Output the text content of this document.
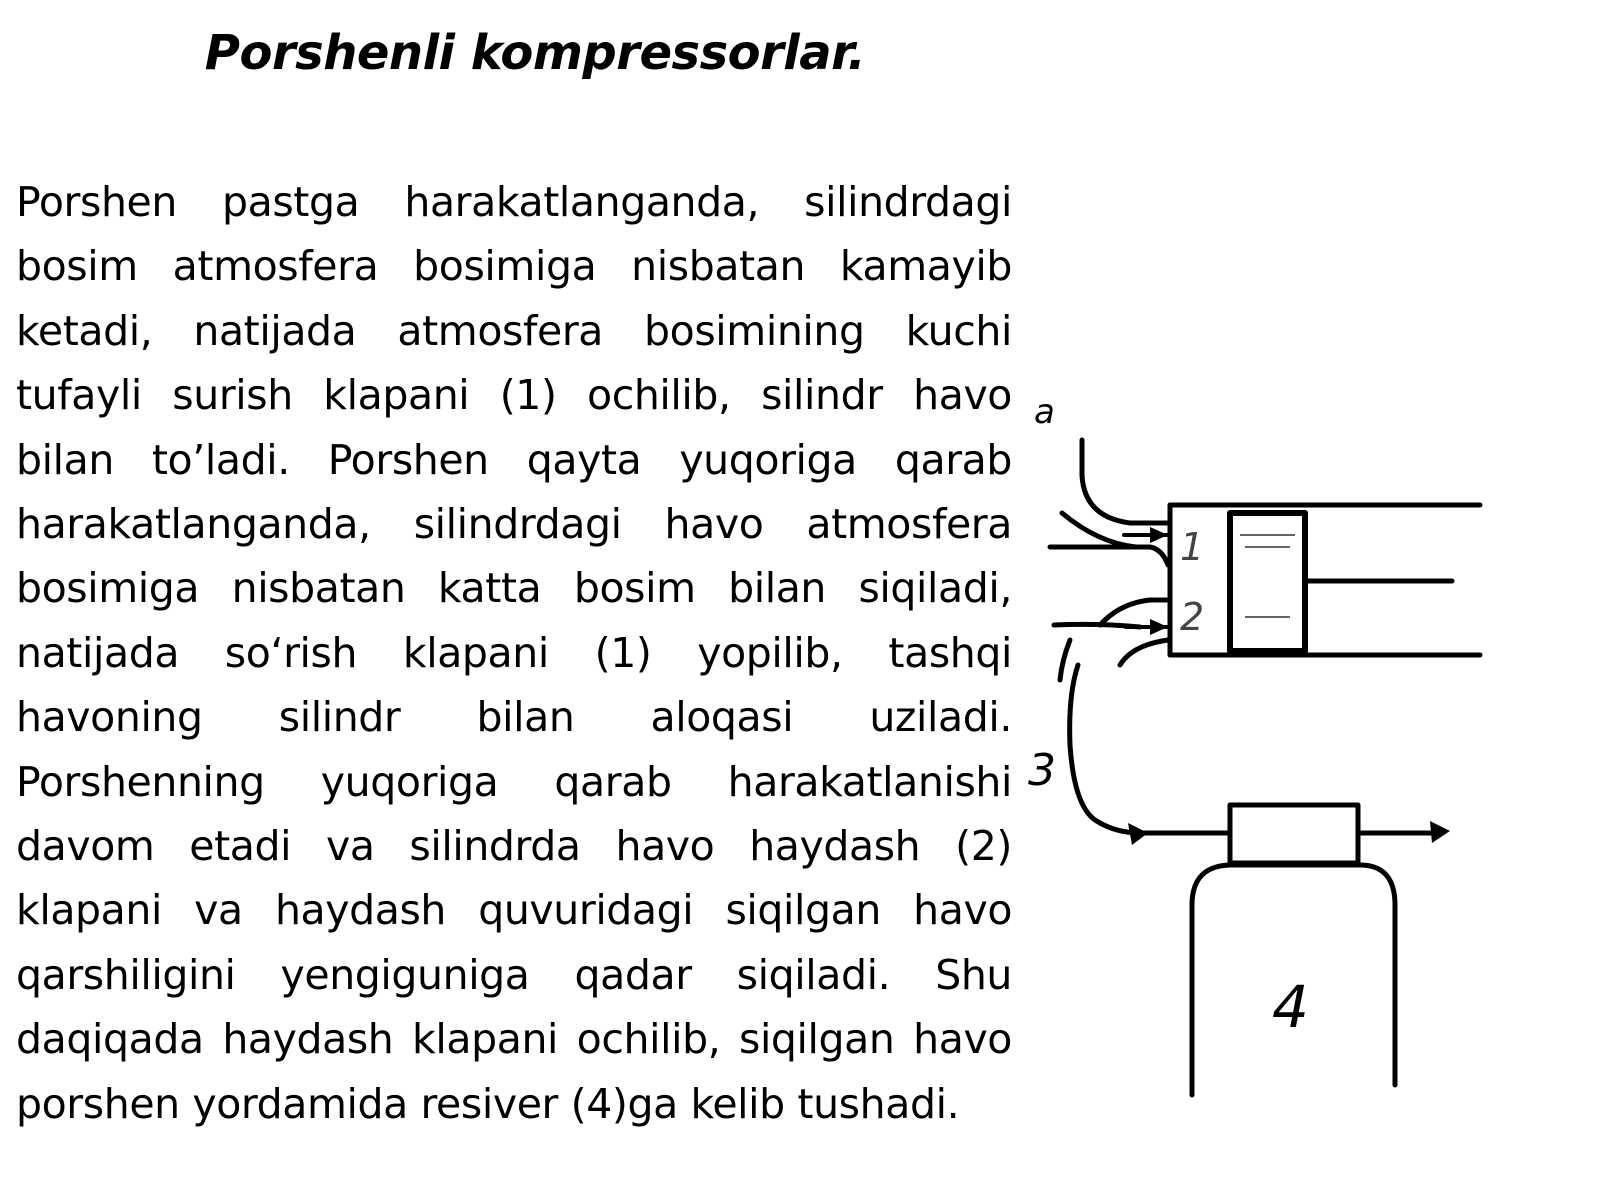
Porshenli kompressorlar.

Porshen pastga harakatlanganda, silindrdagi bosim atmosfera bosimiga nisbatan kamayib ketadi, natijada atmosfera bosimining kuchi tufayli surish klapani (1) ochilib, silindr havo bilan to’ladi. Porshen qayta yuqoriga qarab harakatlanganda, silindrdagi havo atmosfera bosimiga nisbatan katta bosim bilan siqiladi, natijada so‘rish klapani (1) yopilib, tashqi havoning silindr bilan aloqasi uziladi. Porshenning yuqoriga qarab harakatlanishi davom etadi va silindrda havo haydash (2) klapani va haydash quvuridagi siqilgan havo qarshiligini yengiguniga qadar siqiladi. Shu daqiqada haydash klapani ochilib, siqilgan havo porshen yordamida resiver (4)ga kelib tushadi.

a
1
2
3
4
